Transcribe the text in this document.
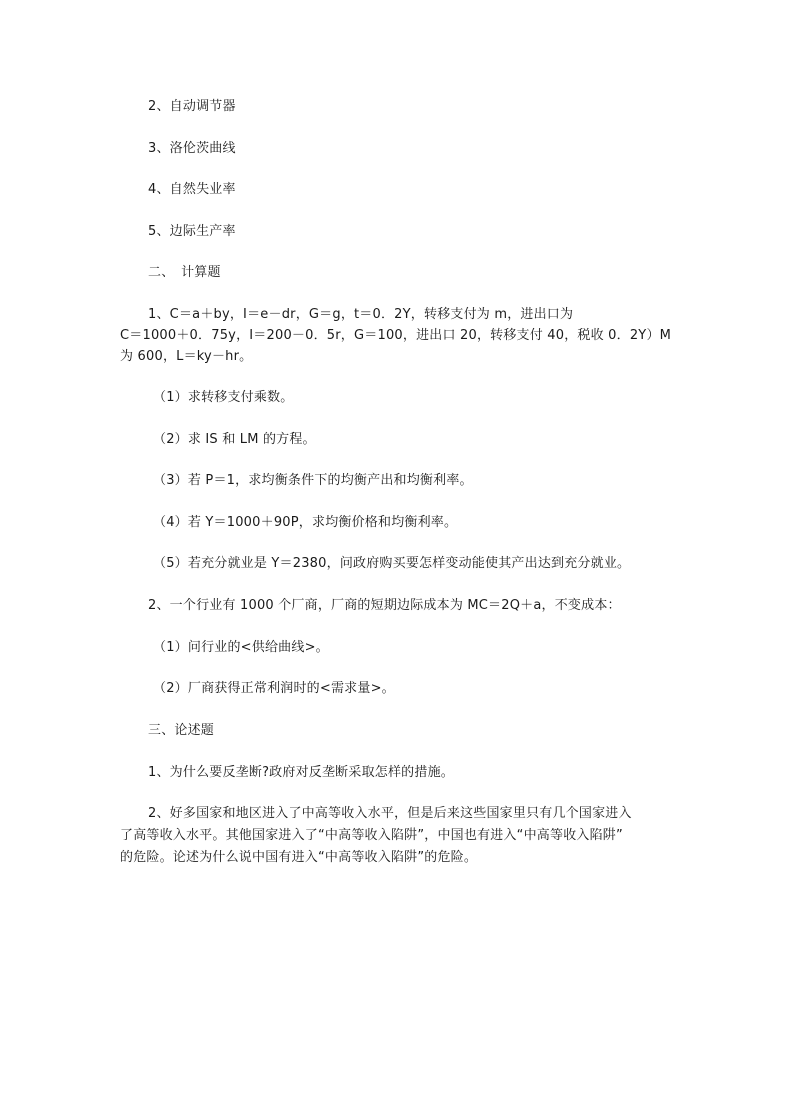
2、自动调节器
3、洛伦茨曲线
4、自然失业率
5、边际生产率
二、　计算题
1、C＝a＋by，I＝e－dr，G＝g，t＝0．2Y，转移支付为 m，进出口为
C＝1000＋0．75y，I＝200－0．5r，G＝100，进出口 20，转移支付 40，税收 0．2Y）M
为 600，L＝ky－hr。
（1）求转移支付乘数。
（2）求 IS 和 LM 的方程。
（3）若 P＝1，求均衡条件下的均衡产出和均衡利率。
（4）若 Y＝1000＋90P，求均衡价格和均衡利率。
（5）若充分就业是 Y＝2380，问政府购买要怎样变动能使其产出达到充分就业。
2、一个行业有 1000 个厂商，厂商的短期边际成本为 MC＝2Q＋a，不变成本：
（1）问行业的<供给曲线>。
（2）厂商获得正常利润时的<需求量>。
三、论述题
1、为什么要反垄断?政府对反垄断采取怎样的措施。
2、好多国家和地区进入了中高等收入水平，但是后来这些国家里只有几个国家进入
了高等收入水平。其他国家进入了“中高等收入陷阱”，中国也有进入“中高等收入陷阱”
的危险。论述为什么说中国有进入“中高等收入陷阱”的危险。
